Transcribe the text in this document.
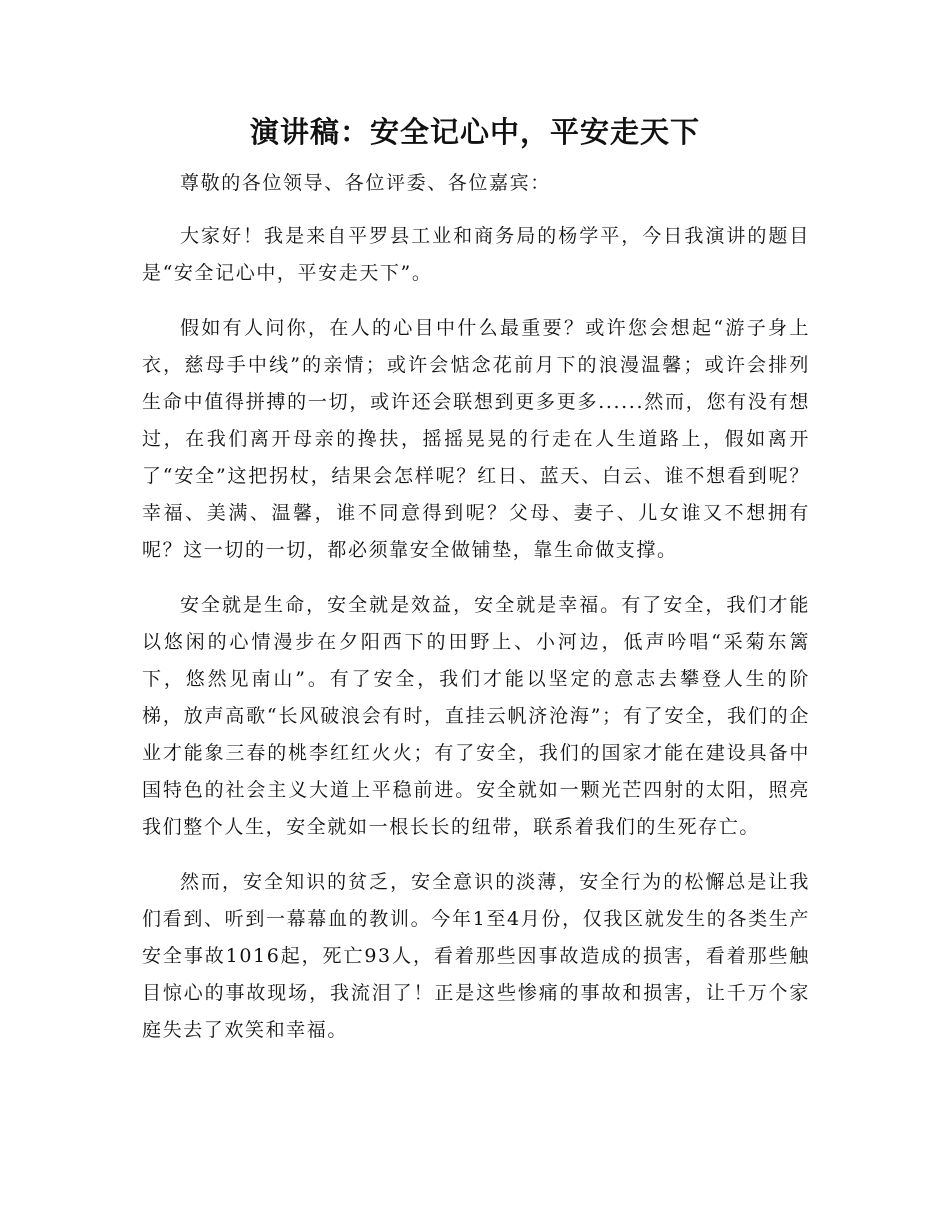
演讲稿：安全记心中，平安走天下

尊敬的各位领导、各位评委、各位嘉宾：

大家好！我是来自平罗县工业和商务局的杨学平，今日我演讲的题目是“安全记心中，平安走天下”。

假如有人问你，在人的心目中什么最重要？或许您会想起“游子身上衣，慈母手中线”的亲情；或许会惦念花前月下的浪漫温馨；或许会排列生命中值得拼搏的一切，或许还会联想到更多更多......然而，您有没有想过，在我们离开母亲的搀扶，摇摇晃晃的行走在人生道路上，假如离开了“安全”这把拐杖，结果会怎样呢？红日、蓝天、白云、谁不想看到呢？幸福、美满、温馨，谁不同意得到呢？父母、妻子、儿女谁又不想拥有呢？这一切的一切，都必须靠安全做铺垫，靠生命做支撑。

安全就是生命，安全就是效益，安全就是幸福。有了安全，我们才能以悠闲的心情漫步在夕阳西下的田野上、小河边，低声吟唱“采菊东篱下，悠然见南山”。有了安全，我们才能以坚定的意志去攀登人生的阶梯，放声高歌“长风破浪会有时，直挂云帆济沧海”；有了安全，我们的企业才能象三春的桃李红红火火；有了安全，我们的国家才能在建设具备中国特色的社会主义大道上平稳前进。安全就如一颗光芒四射的太阳，照亮我们整个人生，安全就如一根长长的纽带，联系着我们的生死存亡。

然而，安全知识的贫乏，安全意识的淡薄，安全行为的松懈总是让我们看到、听到一幕幕血的教训。今年1至4月份，仅我区就发生的各类生产安全事故1016起，死亡93人，看着那些因事故造成的损害，看着那些触目惊心的事故现场，我流泪了！正是这些惨痛的事故和损害，让千万个家庭失去了欢笑和幸福。
